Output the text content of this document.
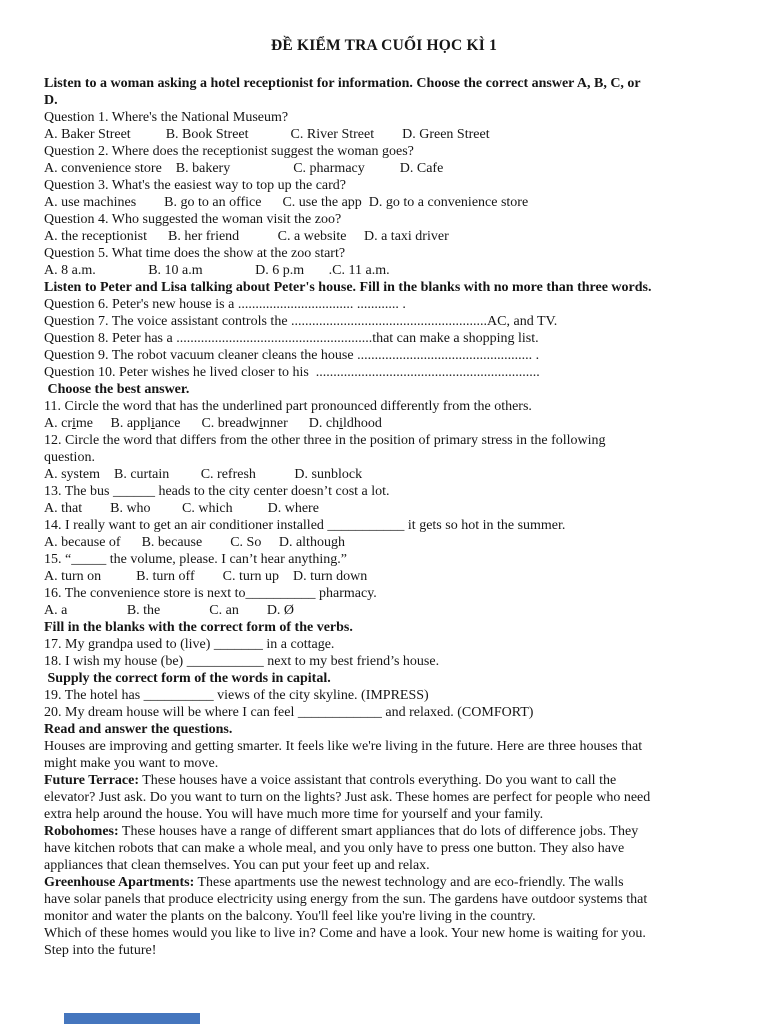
ĐỀ KIỂM TRA CUỐI HỌC KÌ 1
Listen to a woman asking a hotel receptionist for information. Choose the correct answer A, B, C, or
D.
Question 1. Where's the National Museum?
A. Baker Street          B. Book Street            C. River Street        D. Green Street
Question 2. Where does the receptionist suggest the woman goes?
A. convenience store    B. bakery                  C. pharmacy          D. Cafe
Question 3. What's the easiest way to top up the card?
A. use machines        B. go to an office      C. use the app  D. go to a convenience store
Question 4. Who suggested the woman visit the zoo?
A. the receptionist      B. her friend           C. a website     D. a taxi driver
Question 5. What time does the show at the zoo start?
A. 8 a.m.               B. 10 a.m               D. 6 p.m       .C. 11 a.m.
Listen to Peter and Lisa talking about Peter's house. Fill in the blanks with no more than three words.
Question 6. Peter's new house is a ................................. ............ .
Question 7. The voice assistant controls the ........................................................AC, and TV.
Question 8. Peter has a ........................................................that can make a shopping list.
Question 9. The robot vacuum cleaner cleans the house .................................................. .
Question 10. Peter wishes he lived closer to his  ................................................................
Choose the best answer.
11. Circle the word that has the underlined part pronounced differently from the others.
A. crime     B. appliance      C. breadwinner      D. childhood
12. Circle the word that differs from the other three in the position of primary stress in the following
question.
A. system    B. curtain         C. refresh           D. sunblock
13. The bus ______ heads to the city center doesn’t cost a lot.
A. that        B. who         C. which          D. where
14. I really want to get an air conditioner installed ___________ it gets so hot in the summer.
A. because of      B. because        C. So     D. although
15. “_____ the volume, please. I can’t hear anything.”
A. turn on          B. turn off        C. turn up    D. turn down
16. The convenience store is next to__________ pharmacy.
A. a                 B. the              C. an        D. Ø
Fill in the blanks with the correct form of the verbs.
17. My grandpa used to (live) _______ in a cottage.
18. I wish my house (be) ___________ next to my best friend’s house.
Supply the correct form of the words in capital.
19. The hotel has __________ views of the city skyline. (IMPRESS)
20. My dream house will be where I can feel ____________ and relaxed. (COMFORT)
Read and answer the questions.
Houses are improving and getting smarter. It feels like we're living in the future. Here are three houses that
might make you want to move.
Future Terrace: These houses have a voice assistant that controls everything. Do you want to call the
elevator? Just ask. Do you want to turn on the lights? Just ask. These homes are perfect for people who need
extra help around the house. You will have much more time for yourself and your family.
Robohomes: These houses have a range of different smart appliances that do lots of difference jobs. They
have kitchen robots that can make a whole meal, and you only have to press one button. They also have
appliances that clean themselves. You can put your feet up and relax.
Greenhouse Apartments: These apartments use the newest technology and are eco-friendly. The walls
have solar panels that produce electricity using energy from the sun. The gardens have outdoor systems that
monitor and water the plants on the balcony. You'll feel like you're living in the country.
Which of these homes would you like to live in? Come and have a look. Your new home is waiting for you.
Step into the future!
